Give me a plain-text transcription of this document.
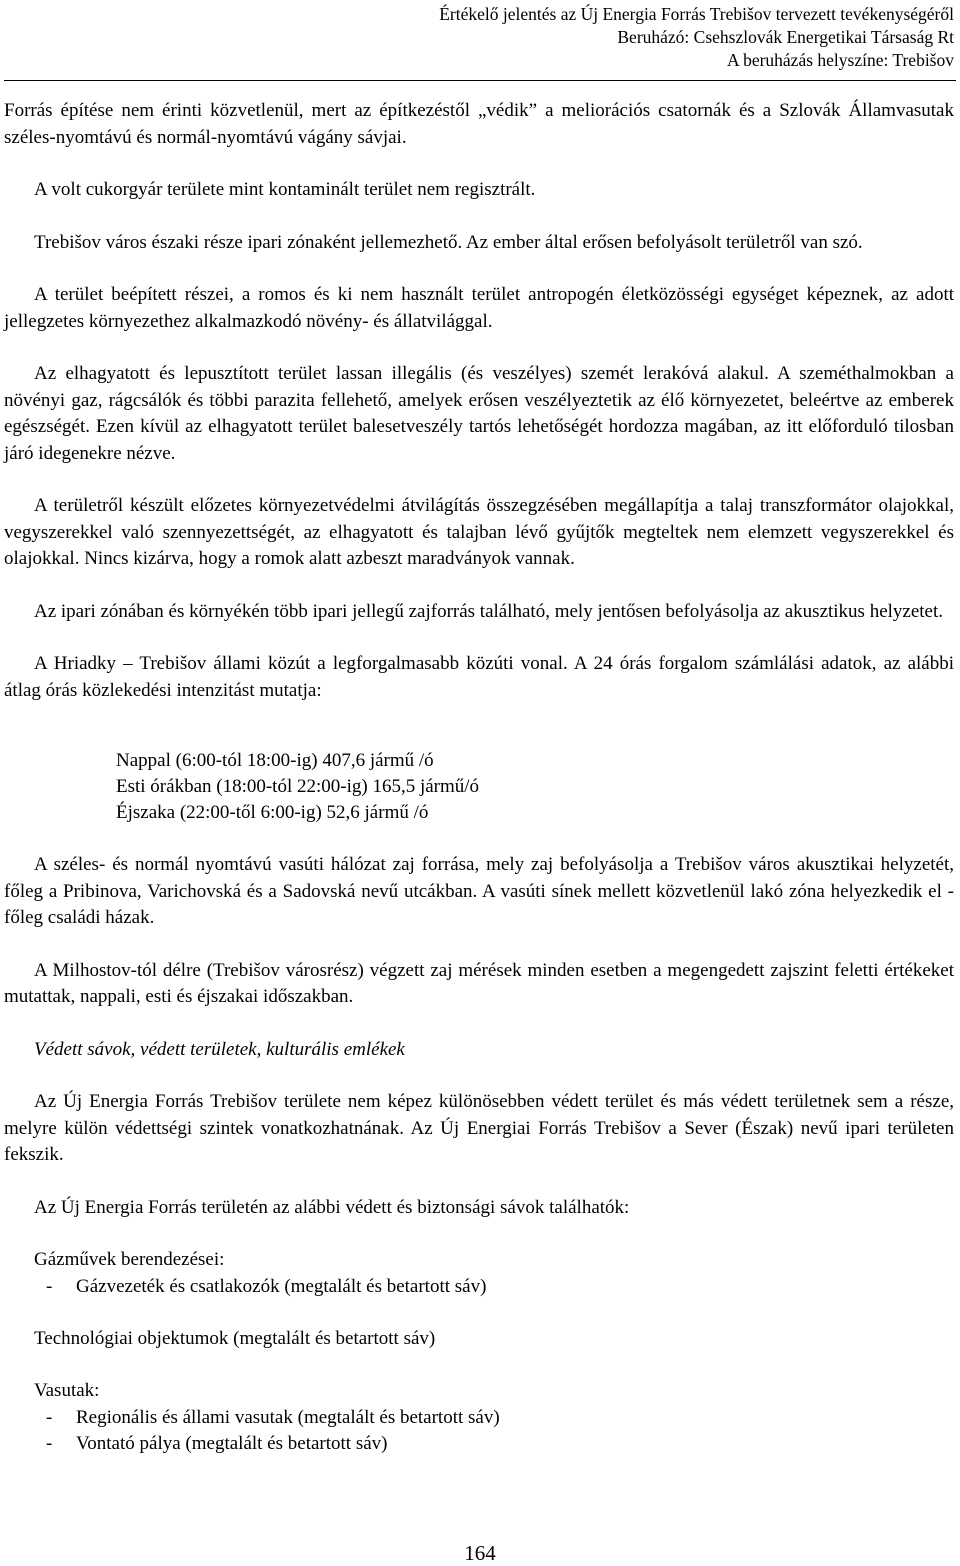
Értékelő jelentés az Új Energia Forrás Trebišov tervezett tevékenységéről
Beruházó: Csehszlovák Energetikai Társaság Rt
A beruházás helyszíne: Trebišov

Forrás építése nem érinti közvetlenül, mert az építkezéstől „védik” a meliorációs csatornák és a Szlovák Államvasutak széles-nyomtávú és normál-nyomtávú vágány sávjai.

A volt cukorgyár területe mint kontaminált terület nem regisztrált.

Trebišov város északi része ipari zónaként jellemezhető. Az ember által erősen befolyásolt területről van szó.

A terület beépített részei, a romos és ki nem használt terület antropogén életközösségi egységet képeznek, az adott jellegzetes környezethez alkalmazkodó növény- és állatvilággal.

Az elhagyatott és lepusztított terület lassan illegális (és veszélyes) szemét lerakóvá alakul. A szeméthalmokban a növényi gaz, rágcsálók és többi parazita fellehető, amelyek erősen veszélyeztetik az élő környezetet, beleértve az emberek egészségét. Ezen kívül az elhagyatott terület balesetveszély tartós lehetőségét hordozza magában, az itt előforduló tilosban járó idegenekre nézve.

A területről készült előzetes környezetvédelmi átvilágítás összegzésében megállapítja a talaj transzformátor olajokkal, vegyszerekkel való szennyezettségét, az elhagyatott és talajban lévő gyűjtők megteltek nem elemzett vegyszerekkel és olajokkal. Nincs kizárva, hogy a romok alatt azbeszt maradványok vannak.

Az ipari zónában és környékén több ipari jellegű zajforrás található, mely jentősen befolyásolja az akusztikus helyzetet.

A Hriadky – Trebišov állami közút a legforgalmasabb közúti vonal. A 24 órás forgalom számlálási adatok, az alábbi átlag órás közlekedési intenzitást mutatja:

Nappal (6:00-tól 18:00-ig) 407,6 jármű /ó

Esti órákban (18:00-tól 22:00-ig) 165,5 jármű/ó

Éjszaka (22:00-től 6:00-ig) 52,6 jármű /ó

A széles- és normál nyomtávú vasúti hálózat zaj forrása, mely zaj befolyásolja a Trebišov város akusztikai helyzetét, főleg a Pribinova, Varichovská és a Sadovská nevű utcákban. A vasúti sínek mellett közvetlenül lakó zóna helyezkedik el - főleg családi házak.

A Milhostov-tól délre (Trebišov városrész) végzett zaj mérések minden esetben a megengedett zajszint feletti értékeket mutattak, nappali, esti és éjszakai időszakban.

Védett sávok, védett területek, kulturális emlékek

Az Új Energia Forrás Trebišov területe nem képez különösebben védett terület és más védett területnek sem a része, melyre külön védettségi szintek vonatkozhatnának. Az Új Energiai Forrás Trebišov a Sever (Észak) nevű ipari területen fekszik.

Az Új Energia Forrás területén az alábbi védett és biztonsági sávok találhatók:

Gázművek berendezései:

- Gázvezeték és csatlakozók (megtalált és betartott sáv)

Technológiai objektumok (megtalált és betartott sáv)

Vasutak:

- Regionális és állami vasutak (megtalált és betartott sáv)
- Vontató pálya (megtalált és betartott sáv)
164
